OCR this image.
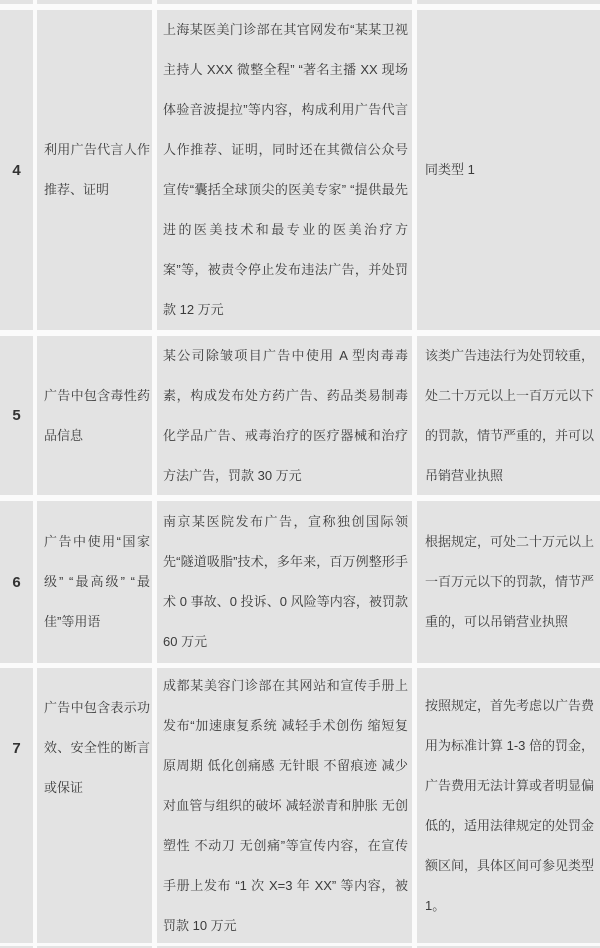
4
利用广告代言人作推荐、证明
上海某医美门诊部在其官网发布“某某卫视主持人 XXX 微整全程” “著名主播 XX 现场体验音波提拉”等内容，构成利用广告代言人作推荐、证明，同时还在其微信公众号宣传“囊括全球顶尖的医美专家” “提供最先进的医美技术和最专业的医美治疗方案”等，被责令停止发布违法广告，并处罚款 12 万元
同类型 1
5
广告中包含毒性药品信息
某公司除皱项目广告中使用 A 型肉毒毒素，构成发布处方药广告、药品类易制毒化学品广告、戒毒治疗的医疗器械和治疗方法广告，罚款 30 万元
该类广告违法行为处罚较重，处二十万元以上一百万元以下的罚款，情节严重的，并可以吊销营业执照
6
广告中使用“国家级” “最高级” “最佳”等用语
南京某医院发布广告，宣称独创国际领先“隧道吸脂”技术，多年来，百万例整形手术 0 事故、0 投诉、0 风险等内容，被罚款 60 万元
根据规定，可处二十万元以上一百万元以下的罚款，情节严重的，可以吊销营业执照
7
广告中包含表示功效、安全性的断言或保证
成都某美容门诊部在其网站和宣传手册上发布“加速康复系统 减轻手术创伤 缩短复原周期 低化创痛感 无针眼 不留痕迹 减少对血管与组织的破坏 减轻淤青和肿胀 无创塑性 不动刀 无创痛”等宣传内容，在宣传手册上发布 “1 次 X=3 年 XX” 等内容，被罚款 10 万元
按照规定，首先考虑以广告费用为标准计算 1-3 倍的罚金，广告费用无法计算或者明显偏低的，适用法律规定的处罚金额区间，具体区间可参见类型 1。
